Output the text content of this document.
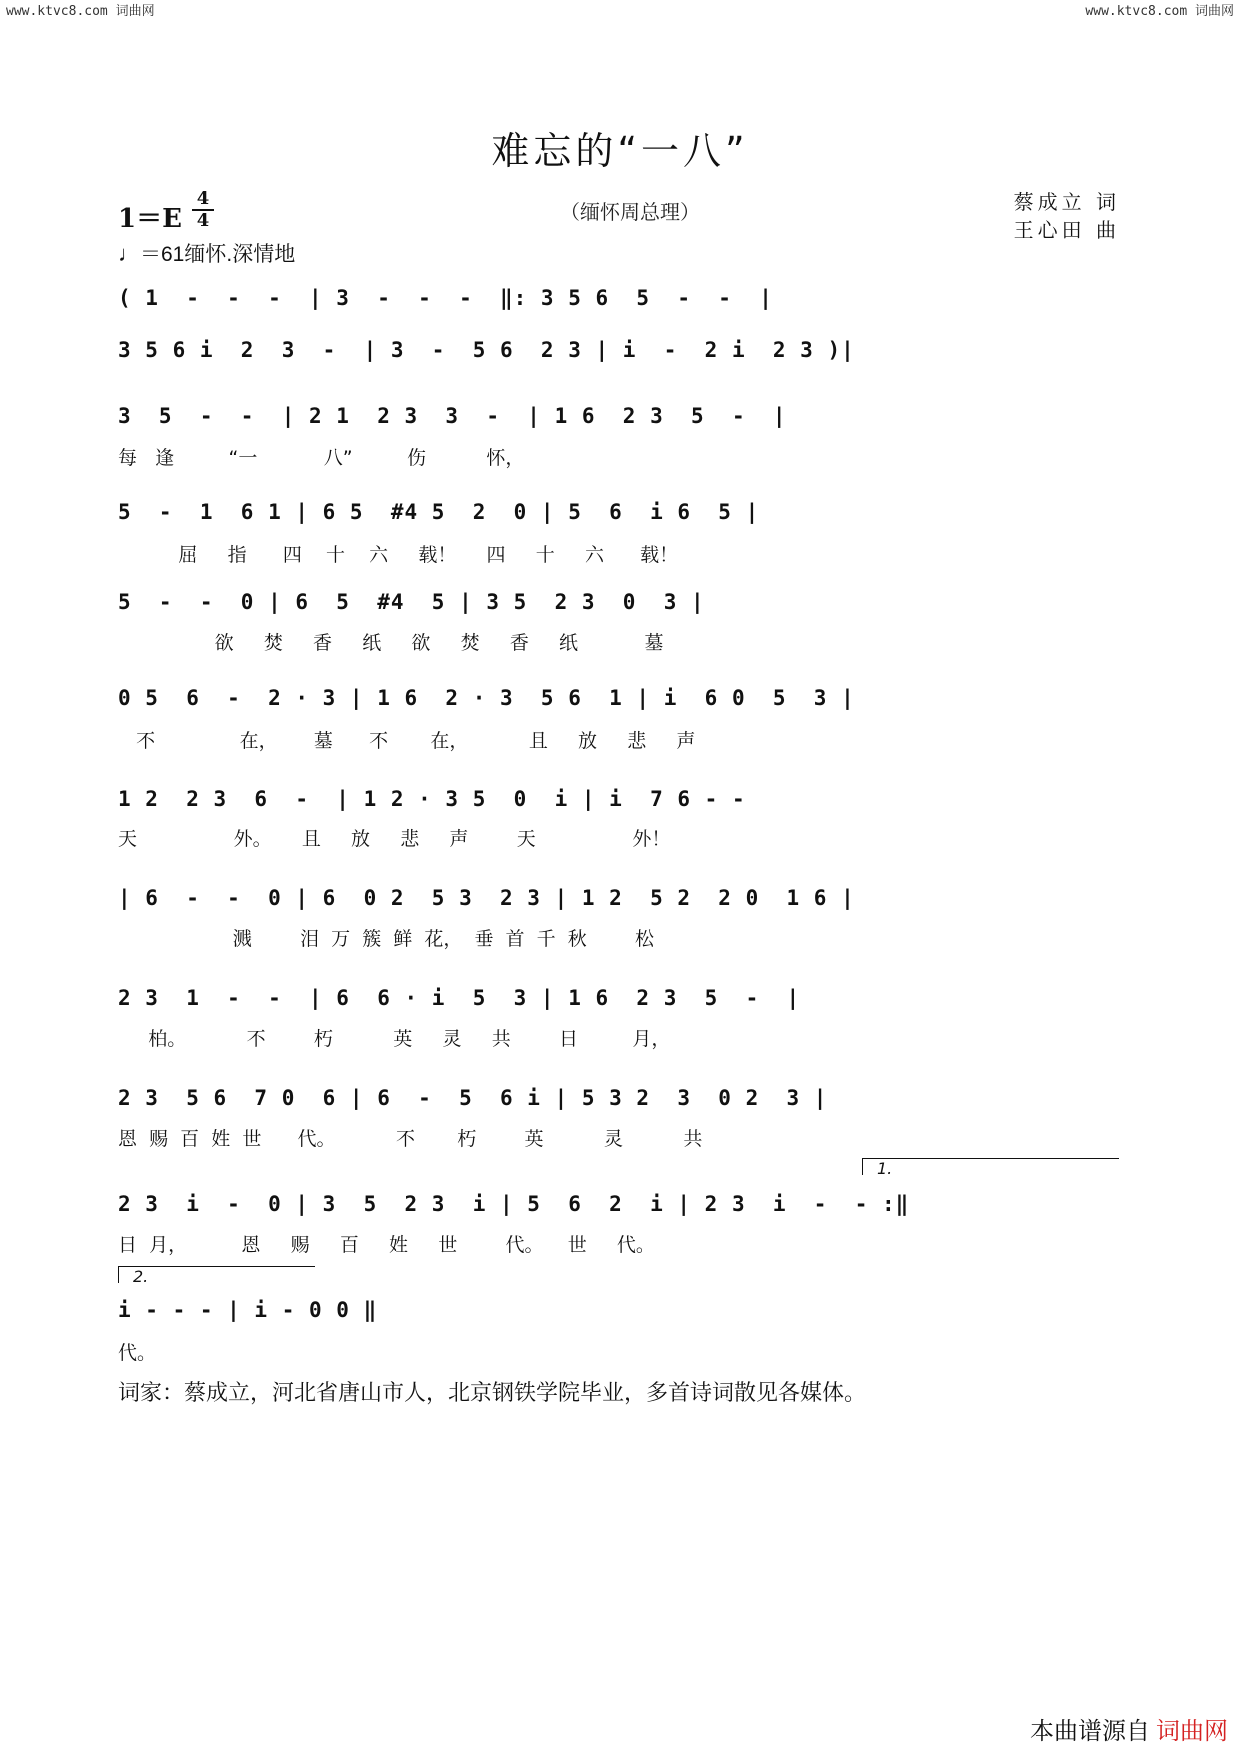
www.ktvc8.com 词曲网	www.ktvc8.com 词曲网
难忘的“一八”
（缅怀周总理）
1＝E
4
4
♩＝61缅怀.深情地
蔡成立 词
王心田 曲
( 1  -  -  -  | 3  -  -  -  ‖: 3 5 6  5  -  -  |
3 5 6 i  2  3  -  | 3  -  5 6  2 3 | i  -  2 i  2 3 )|
3  5  -  -  | 2 1  2 3  3  -  | 1 6  2 3  5  -  |
每   逢         “一           八”         伤          怀，
5  -  1  6 1 | 6 5  #4 5  2  0 | 5  6  i 6  5 |
屈     指      四    十    六     载！     四     十     六      载！
5  -  -  0 | 6  5  #4  5 | 3 5  2 3  0  3 |
欲     焚     香     纸     欲     焚     香     纸           墓
0 5  6  -  2 · 3 | 1 6  2 · 3  5 6  1 | i  6 0  5  3 |
不              在，      墓      不       在，          且     放     悲     声
1 2  2 3  6  -  | 1 2 · 3 5  0  i | i  7 6 - -
天                外。     且     放     悲     声        天                外！
| 6  -  -  0 | 6  0 2  5 3  2 3 | 1 2  5 2  2 0  1 6 |
溅        泪  万  簇  鲜  花，  垂  首  千  秋        松
2 3  1  -  -  | 6  6 · i  5  3 | 1 6  2 3  5  -  |
柏。          不        朽          英     灵     共        日         月，
2 3  5 6  7 0  6 | 6  -  5  6 i | 5 3 2  3  0 2  3 |
恩  赐  百  姓  世      代。          不       朽        英          灵          共
1.
2 3  i  -  0 | 3  5  2 3  i | 5  6  2  i | 2 3  i  -  - :‖
日  月，         恩     赐     百     姓     世        代。    世     代。
2.
i - - - | i - 0 0 ‖
代。
词家：蔡成立，河北省唐山市人，北京钢铁学院毕业，多首诗词散见各媒体。
本曲谱源自 词曲网
